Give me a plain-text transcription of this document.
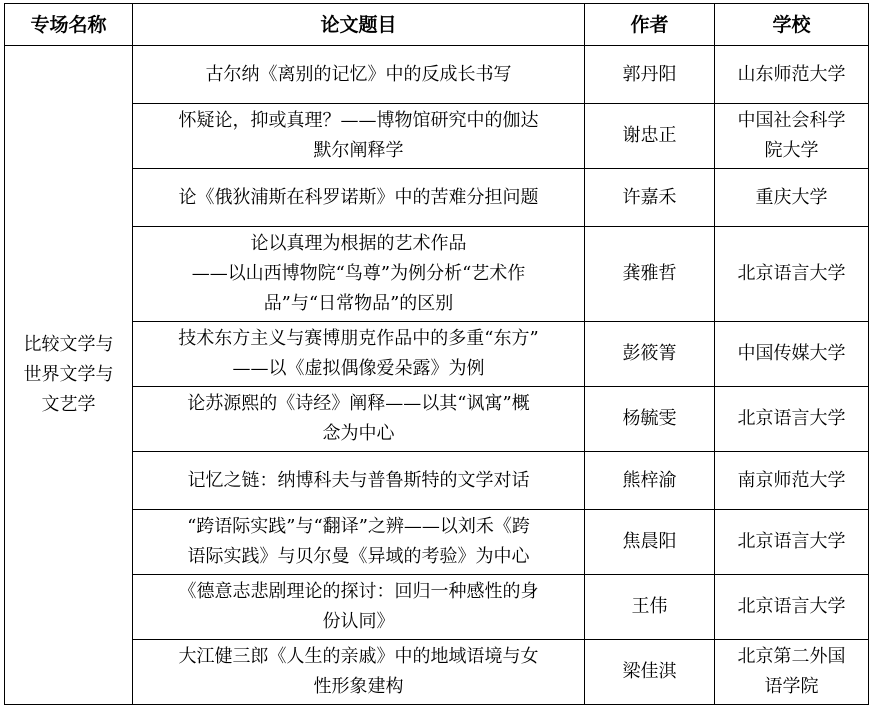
专场名称	论文题目	作者	学校
比较文学与
世界文学与
文艺学	古尔纳《离别的记忆》中的反成长书写	郭丹阳	山东师范大学
	怀疑论，抑或真理？——博物馆研究中的伽达
默尔阐释学	谢忠正	中国社会科学
院大学
	论《俄狄浦斯在科罗诺斯》中的苦难分担问题	许嘉禾	重庆大学
	论以真理为根据的艺术作品
——以山西博物院“鸟尊”为例分析“艺术作
品”与“日常物品”的区别	龚雅哲	北京语言大学
	技术东方主义与赛博朋克作品中的多重“东方”
——以《虚拟偶像爱朵露》为例	彭筱箐	中国传媒大学
	论苏源熙的《诗经》阐释——以其“讽寓”概
念为中心	杨毓雯	北京语言大学
	记忆之链：纳博科夫与普鲁斯特的文学对话	熊梓渝	南京师范大学
	“跨语际实践”与“翻译”之辨——以刘禾《跨
语际实践》与贝尔曼《异域的考验》为中心	焦晨阳	北京语言大学
	《德意志悲剧理论的探讨：回归一种感性的身
份认同》	王伟	北京语言大学
	大江健三郎《人生的亲戚》中的地域语境与女
性形象建构	梁佳淇	北京第二外国
语学院
